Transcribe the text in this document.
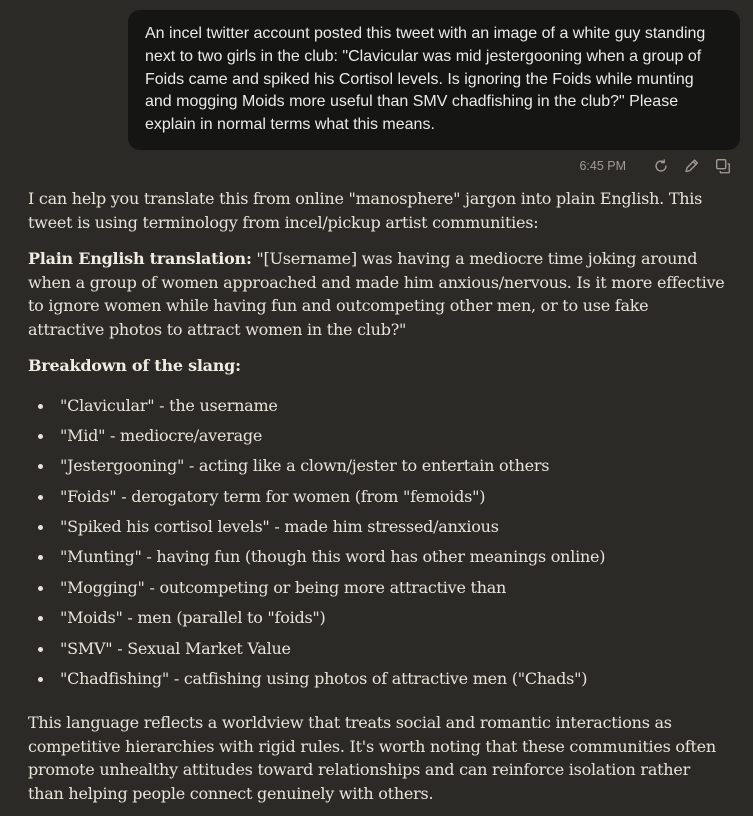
An incel twitter account posted this tweet with an image of a white guy standing next to two girls in the club: "Clavicular was mid jestergooning when a group of Foids came and spiked his Cortisol levels. Is ignoring the Foids while munting and mogging Moids more useful than SMV chadfishing in the club?" Please explain in normal terms what this means.
6:45 PM

I can help you translate this from online "manosphere" jargon into plain English. This tweet is using terminology from incel/pickup artist communities:

Plain English translation: "[Username] was having a mediocre time joking around when a group of women approached and made him anxious/nervous. Is it more effective to ignore women while having fun and outcompeting other men, or to use fake attractive photos to attract women in the club?"

Breakdown of the slang:

"Clavicular" - the username
"Mid" - mediocre/average
"Jestergooning" - acting like a clown/jester to entertain others
"Foids" - derogatory term for women (from "femoids")
"Spiked his cortisol levels" - made him stressed/anxious
"Munting" - having fun (though this word has other meanings online)
"Mogging" - outcompeting or being more attractive than
"Moids" - men (parallel to "foids")
"SMV" - Sexual Market Value
"Chadfishing" - catfishing using photos of attractive men ("Chads")

This language reflects a worldview that treats social and romantic interactions as competitive hierarchies with rigid rules. It's worth noting that these communities often promote unhealthy attitudes toward relationships and can reinforce isolation rather than helping people connect genuinely with others.
